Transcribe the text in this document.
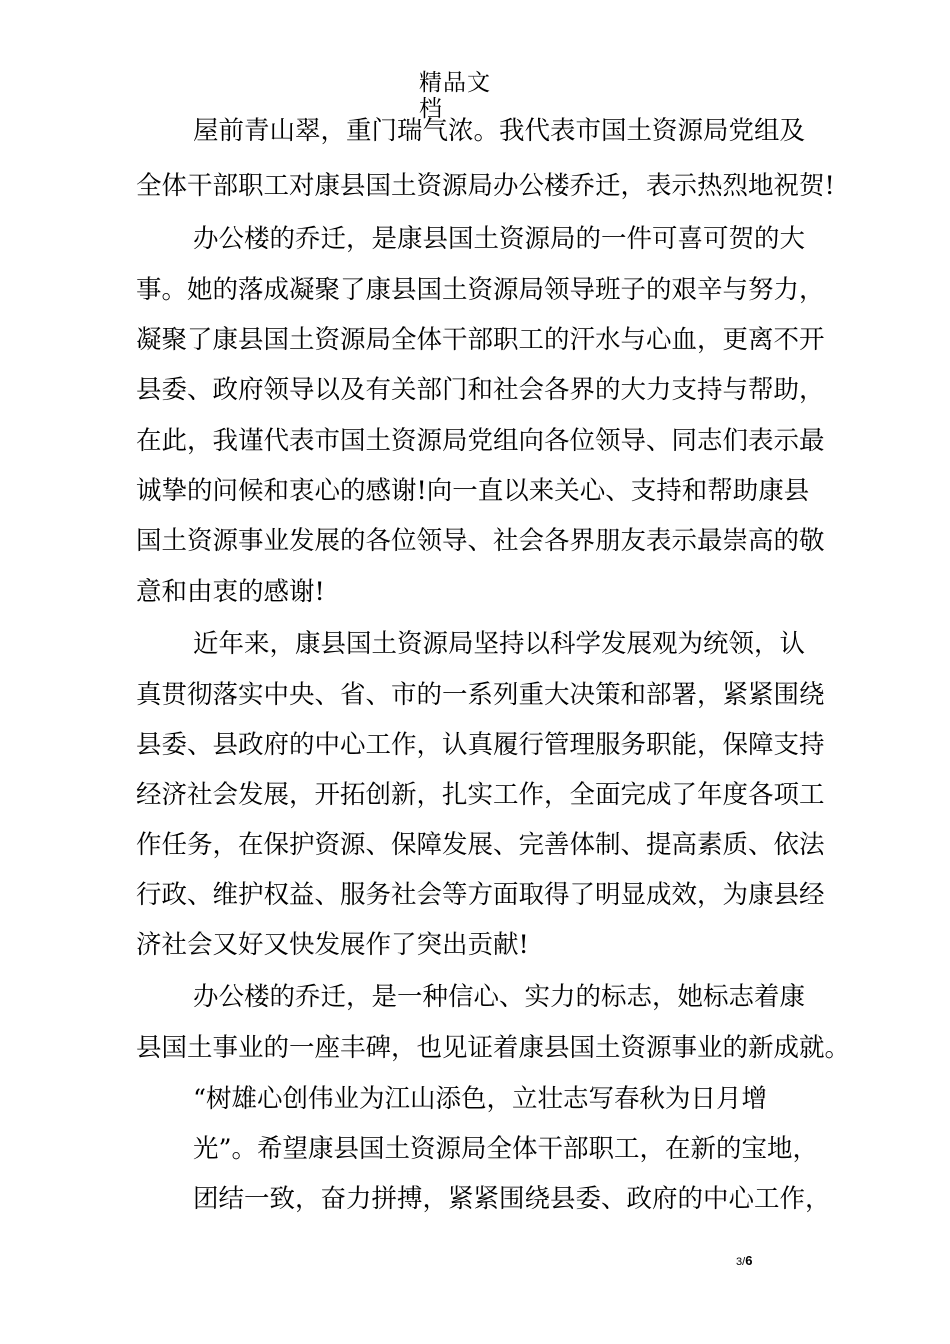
精品文
档
屋前青山翠，重门瑞气浓。我代表市国土资源局党组及
全体干部职工对康县国土资源局办公楼乔迁，表示热烈地祝贺!
办公楼的乔迁，是康县国土资源局的一件可喜可贺的大
事。她的落成凝聚了康县国土资源局领导班子的艰辛与努力，
凝聚了康县国土资源局全体干部职工的汗水与心血，更离不开
县委、政府领导以及有关部门和社会各界的大力支持与帮助，
在此，我谨代表市国土资源局党组向各位领导、同志们表示最
诚挚的问候和衷心的感谢!向一直以来关心、支持和帮助康县
国土资源事业发展的各位领导、社会各界朋友表示最崇高的敬
意和由衷的感谢!
近年来，康县国土资源局坚持以科学发展观为统领，认
真贯彻落实中央、省、市的一系列重大决策和部署，紧紧围绕
县委、县政府的中心工作，认真履行管理服务职能，保障支持
经济社会发展，开拓创新，扎实工作，全面完成了年度各项工
作任务，在保护资源、保障发展、完善体制、提高素质、依法
行政、维护权益、服务社会等方面取得了明显成效，为康县经
济社会又好又快发展作了突出贡献!
办公楼的乔迁，是一种信心、实力的标志，她标志着康
县国土事业的一座丰碑，也见证着康县国土资源事业的新成就。
“树雄心创伟业为江山添色，立壮志写春秋为日月增
光”。希望康县国土资源局全体干部职工，在新的宝地，
团结一致，奋力拼搏，紧紧围绕县委、政府的中心工作，
3/6
